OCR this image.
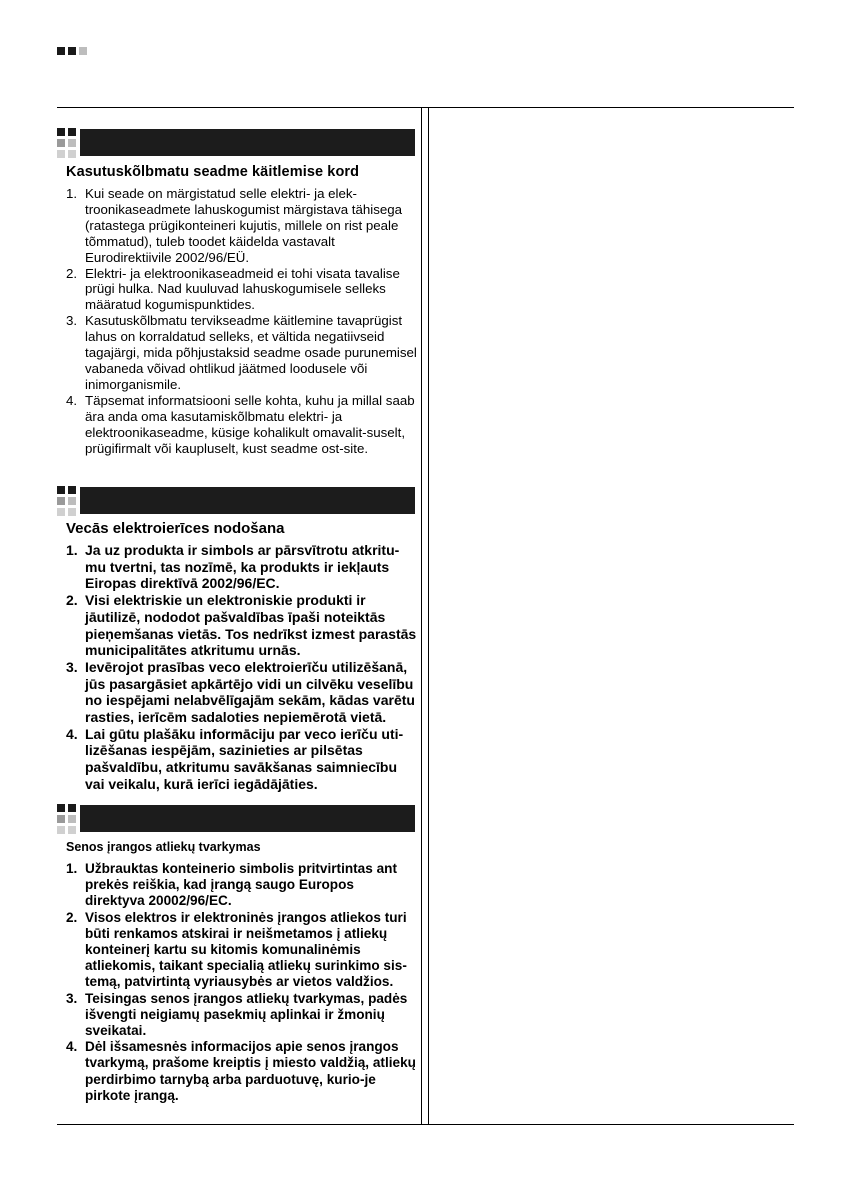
Kasutuskõlbmatu seadme käitlemise kord
1. Kui seade on märgistatud selle elektri- ja elek-troonikaseadmete lahuskogumist märgistava tähisega (ratastega prügikonteineri kujutis, millele on rist peale tõmmatud), tuleb toodet käidelda vastavalt Eurodirektiivile 2002/96/EÜ.
2. Elektri- ja elektroonikaseadmeid ei tohi visata tavalise prügi hulka. Nad kuuluvad lahuskogumisele selleks määratud kogumispunktides.
3. Kasutuskõlbmatu tervikseadme käitlemine tavaprügist lahus on korraldatud selleks, et vältida negatiivseid tagajärgi, mida põhjustaksid seadme osade purunemisel vabaneda võivad ohtlikud jäätmed loodusele või inimorganismile.
4. Täpsemat informatsiooni selle kohta, kuhu ja millal saab ära anda oma kasutamiskõlbmatu elektri- ja elektroonikaseadme, küsige kohalikult omavalit-suselt, prügifirmalt või kaupluselt, kust seadme ost-site.
Vecās elektroierīces nodošana
1. Ja uz produkta ir simbols ar pārsvītrotu atkritu-mu tvertni, tas nozīmē, ka produkts ir iekļauts Eiropas direktīvā 2002/96/EC.
2. Visi elektriskie un elektroniskie produkti ir jāutilizē, nododot pašvaldības īpaši noteiktās pieņemšanas vietās. Tos nedrīkst izmest parastās municipalitātes atkritumu urnās.
3. Ievērojot prasības veco elektroierīču utilizēšanā, jūs pasargāsiet apkārtējo vidi un cilvēku veselību no iespējami nelabvēlīgajām sekām, kādas varētu rasties, ierīcēm sadaloties nepiemērotā vietā.
4. Lai gūtu plašāku informāciju par veco ierīču uti-lizēšanas iespējām, sazinieties ar pilsētas pašvaldību, atkritumu savākšanas saimniecību vai veikalu, kurā ierīci iegādājāties.
Senos įrangos atliekų tvarkymas
1. Užbrauktas konteinerio simbolis pritvirtintas ant prekės reiškia, kad įrangą saugo Europos direktyva 20002/96/EC.
2. Visos elektros ir elektroninės įrangos atliekos turi būti renkamos atskirai ir neišmetamos į atliekų konteinerį kartu su kitomis komunalinėmis atliekomis, taikant specialią atliekų surinkimo sis-temą, patvirtintą vyriausybės ar vietos valdžios.
3. Teisingas senos įrangos atliekų tvarkymas, padės išvengti neigiamų pasekmių aplinkai ir žmonių sveikatai.
4. Dėl išsamesnės informacijos apie senos įrangos tvarkymą, prašome kreiptis į miesto valdžią, atliekų perdirbimo tarnybą arba parduotuvę, kurio-je pirkote įrangą.
